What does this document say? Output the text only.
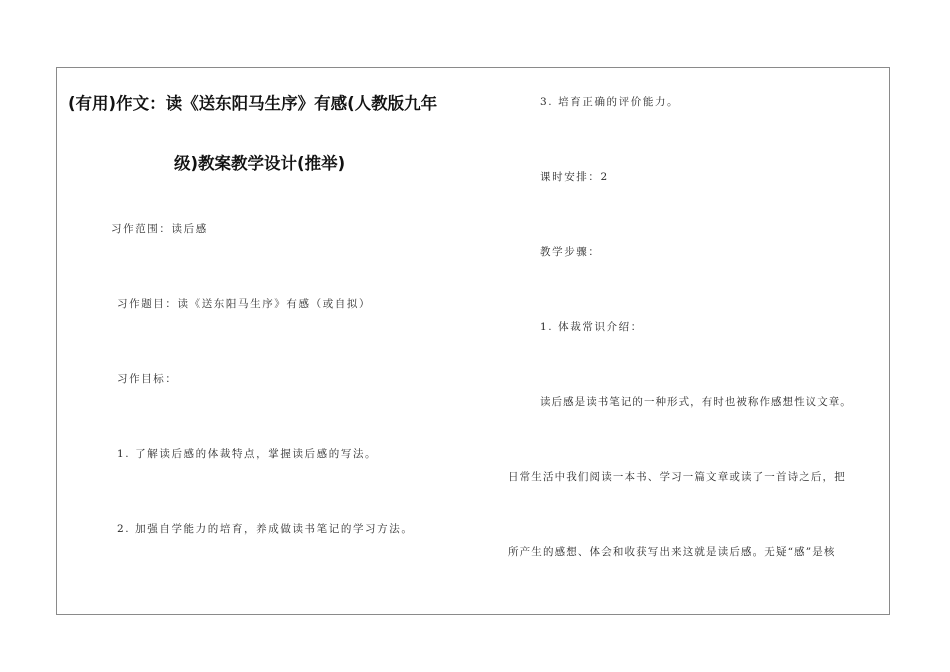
(有用)作文：读《送东阳马生序》有感(人教版九年
级)教案教学设计(推举)
习作范围：读后感
习作题目：读《送东阳马生序》有感（或自拟）
习作目标：
1. 了解读后感的体裁特点，掌握读后感的写法。
2. 加强自学能力的培育，养成做读书笔记的学习方法。
3. 培育正确的评价能力。
课时安排：2
教学步骤：
1. 体裁常识介绍：
读后感是读书笔记的一种形式，有时也被称作感想性议文章。
日常生活中我们阅读一本书、学习一篇文章或读了一首诗之后，把
所产生的感想、体会和收获写出来这就是读后感。无疑“感”是核
